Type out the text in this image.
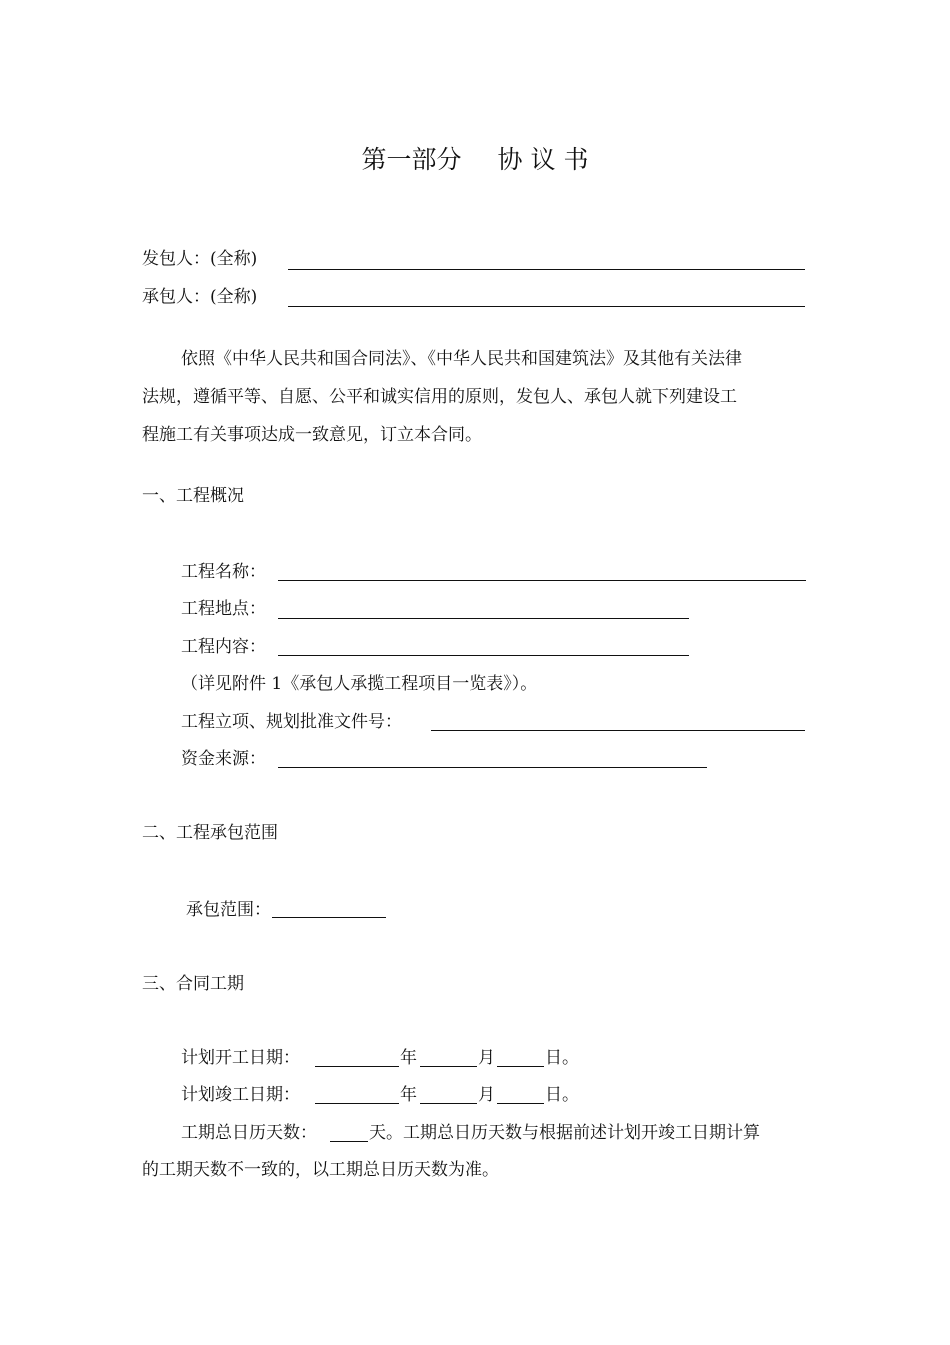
第一部分 协 议 书
发包人：(全称)
承包人：(全称)
依照《中华人民共和国合同法》、《中华人民共和国建筑法》及其他有关法律
法规，遵循平等、自愿、公平和诚实信用的原则，发包人、承包人就下列建设工
程施工有关事项达成一致意见，订立本合同。
一、工程概况
工程名称：
工程地点：
工程内容：
（详见附件 1《承包人承揽工程项目一览表》）。
工程立项、规划批准文件号：
资金来源：
二、工程承包范围
承包范围：
三、合同工期
计划开工日期：	年	月	日。
计划竣工日期：	年	月	日。
工期总日历天数：	天。工期总日历天数与根据前述计划开竣工日期计算
的工期天数不一致的，以工期总日历天数为准。
